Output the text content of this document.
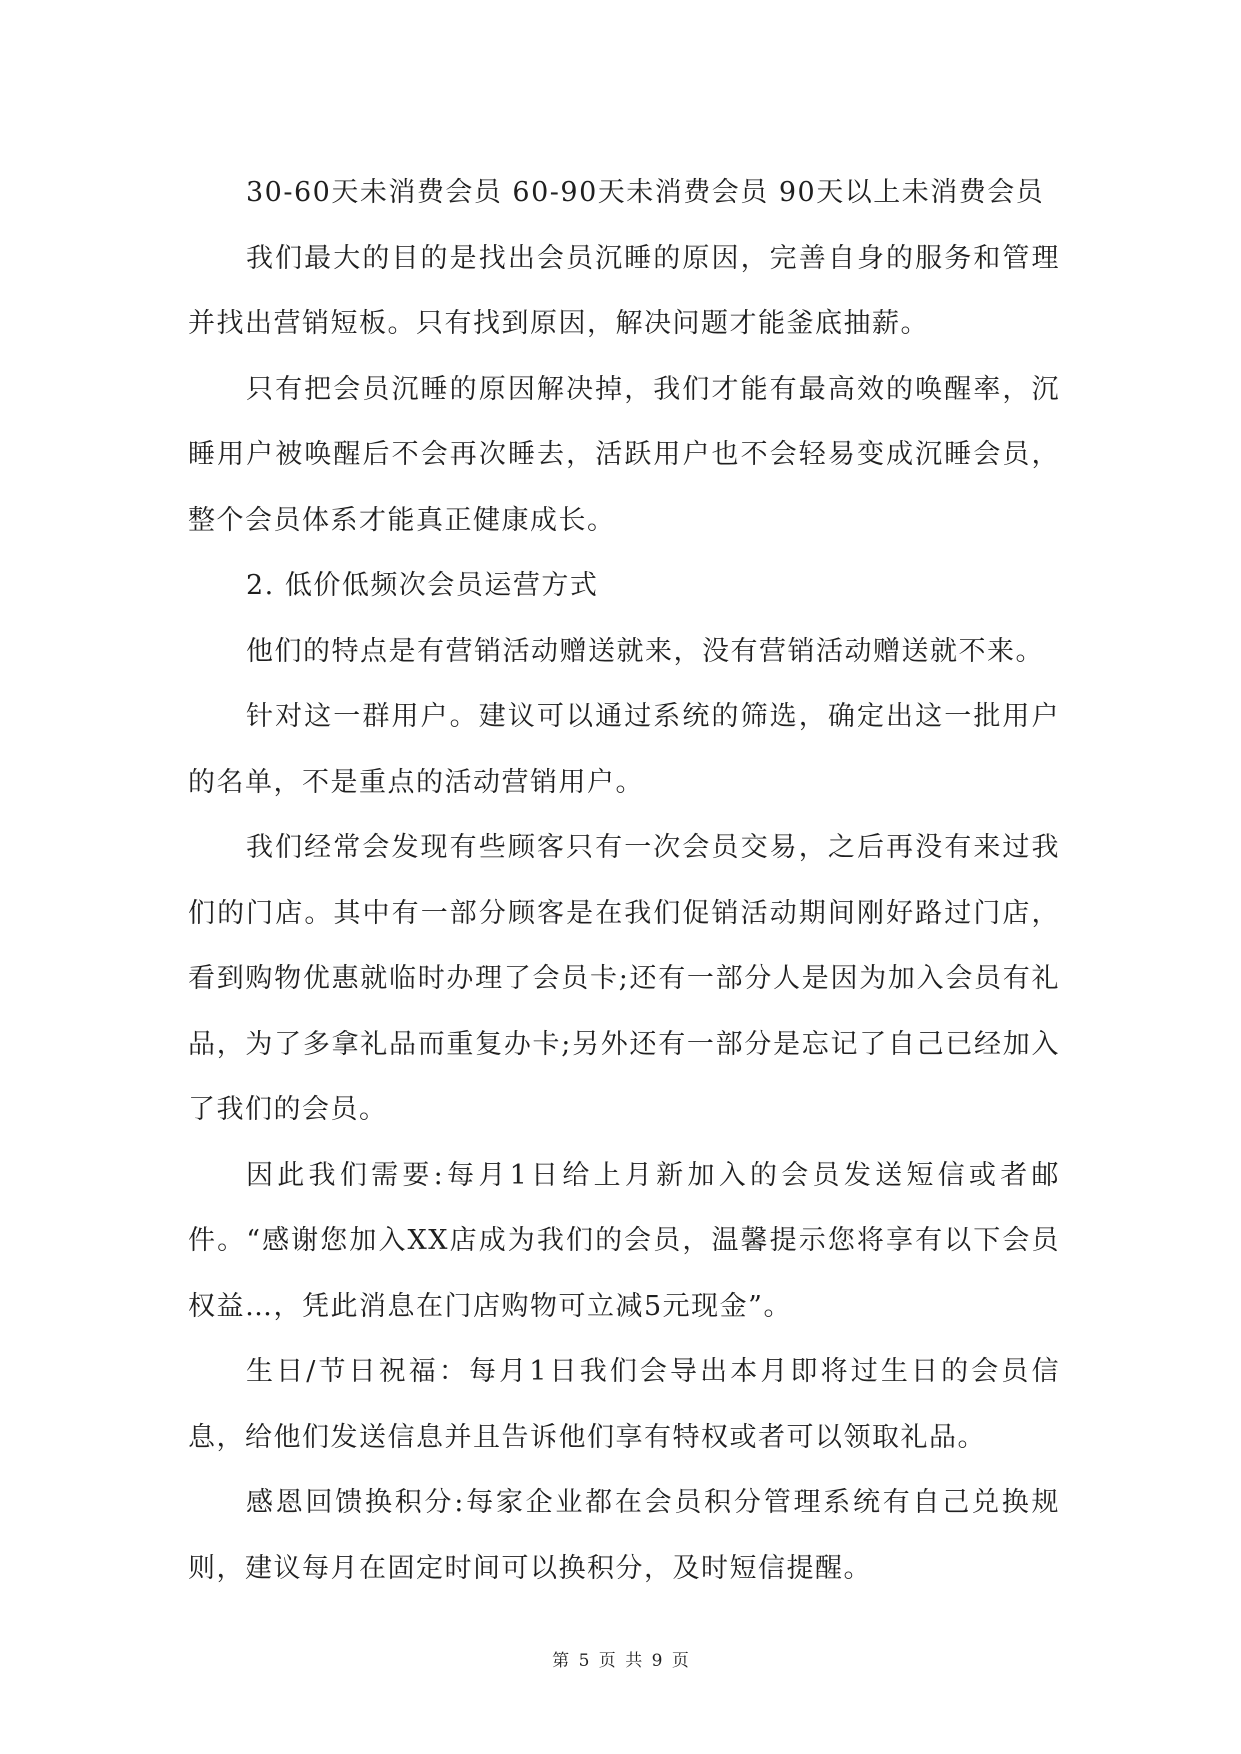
30-60天未消费会员 60-90天未消费会员 90天以上未消费会员

我们最大的目的是找出会员沉睡的原因，完善自身的服务和管理并找出营销短板。只有找到原因，解决问题才能釜底抽薪。

只有把会员沉睡的原因解决掉，我们才能有最高效的唤醒率，沉睡用户被唤醒后不会再次睡去，活跃用户也不会轻易变成沉睡会员，整个会员体系才能真正健康成长。

2. 低价低频次会员运营方式

他们的特点是有营销活动赠送就来，没有营销活动赠送就不来。

针对这一群用户。建议可以通过系统的筛选，确定出这一批用户的名单，不是重点的活动营销用户。

我们经常会发现有些顾客只有一次会员交易，之后再没有来过我们的门店。其中有一部分顾客是在我们促销活动期间刚好路过门店，看到购物优惠就临时办理了会员卡;还有一部分人是因为加入会员有礼品，为了多拿礼品而重复办卡;另外还有一部分是忘记了自己已经加入了我们的会员。

因此我们需要:每月1日给上月新加入的会员发送短信或者邮件。“感谢您加入XX店成为我们的会员，温馨提示您将享有以下会员权益…，凭此消息在门店购物可立减5元现金”。

生日/节日祝福：每月1日我们会导出本月即将过生日的会员信息，给他们发送信息并且告诉他们享有特权或者可以领取礼品。

感恩回馈换积分:每家企业都在会员积分管理系统有自己兑换规则，建议每月在固定时间可以换积分，及时短信提醒。

第 5 页 共 9 页
